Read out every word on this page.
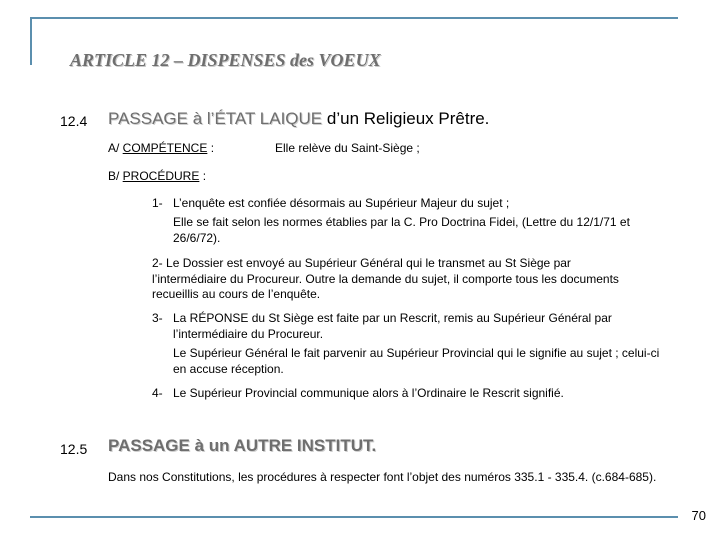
ARTICLE 12 – DISPENSES des VOEUX
12.4 PASSAGE à l’ÉTAT LAIQUE d’un Religieux Prêtre.
A/ COMPÉTENCE :	Elle relève du Saint-Siège ;
B/ PROCÉDURE :
1- L’enquête est confiée désormais au Supérieur Majeur du sujet ;
Elle se fait selon les normes établies par la C. Pro Doctrina Fidei, (Lettre du 12/1/71 et 26/6/72).
2- Le Dossier est envoyé au Supérieur Général qui le transmet au St Siège par l’intermédiaire du Procureur. Outre la demande du sujet, il comporte tous les documents recueillis au cours de l’enquête.
3- La RÉPONSE du St Siège est faite par un Rescrit, remis au Supérieur Général par l’intermédiaire du Procureur.
Le Supérieur Général le fait parvenir au Supérieur Provincial qui le signifie au sujet ; celui-ci en accuse réception.
4- Le Supérieur Provincial communique alors à l’Ordinaire le Rescrit signifié.
12.5 PASSAGE à un AUTRE INSTITUT.
Dans nos Constitutions, les procédures à respecter font l’objet des numéros 335.1 - 335.4. (c.684-685).
70
